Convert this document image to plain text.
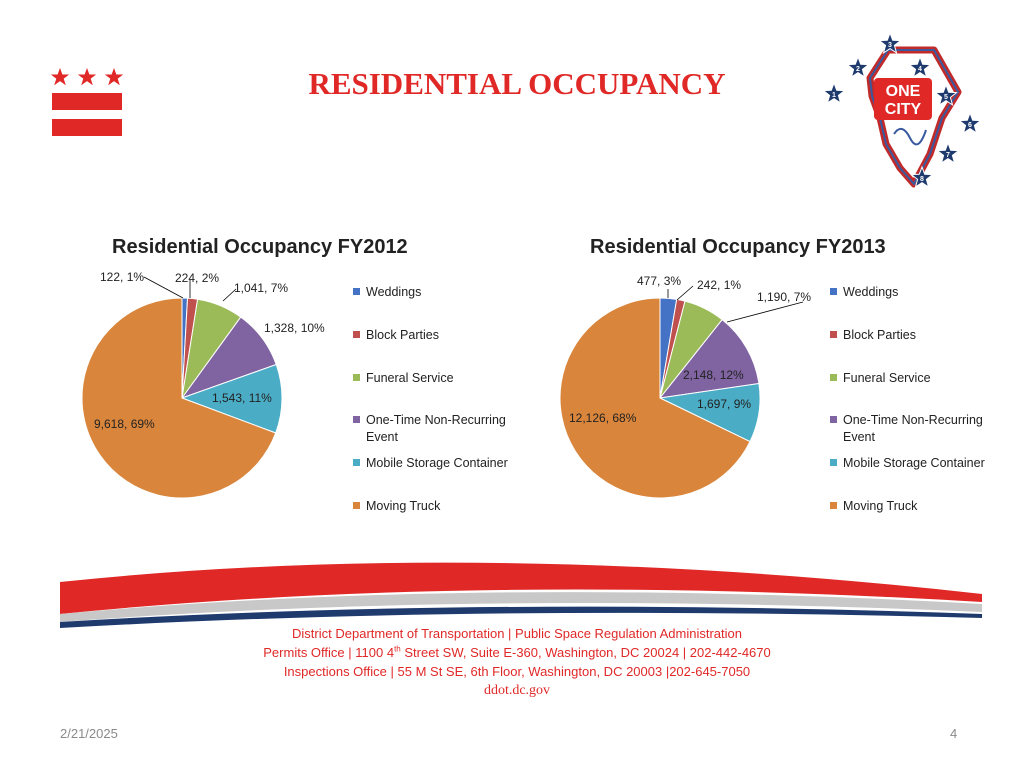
RESIDENTIAL OCCUPANCY	ONE
CITY
1
2
3
4
5
6
7
8
Residential Occupancy FY2012
122, 1%	224, 2%
1,041, 7%
1,328, 10%
1,543, 11%
9,618, 69%
Weddings
Block Parties
Funeral Service
One-Time Non-Recurring
Event
Mobile Storage Container
Moving Truck
Residential Occupancy FY2013
477, 3% 242, 1%
1,190, 7%
2,148, 12%
1,697, 9%
12,126, 68%
Weddings
Block Parties
Funeral Service
One-Time Non-Recurring
Event
Mobile Storage Container
Moving Truck
District Department of Transportation | Public Space Regulation Administration
Permits Office | 1100 4th Street SW, Suite E-360, Washington, DC 20024 | 202-442-4670
Inspections Office | 55 M St SE, 6th Floor, Washington, DC 20003 |202-645-7050
ddot.dc.gov
2/21/2025	4
